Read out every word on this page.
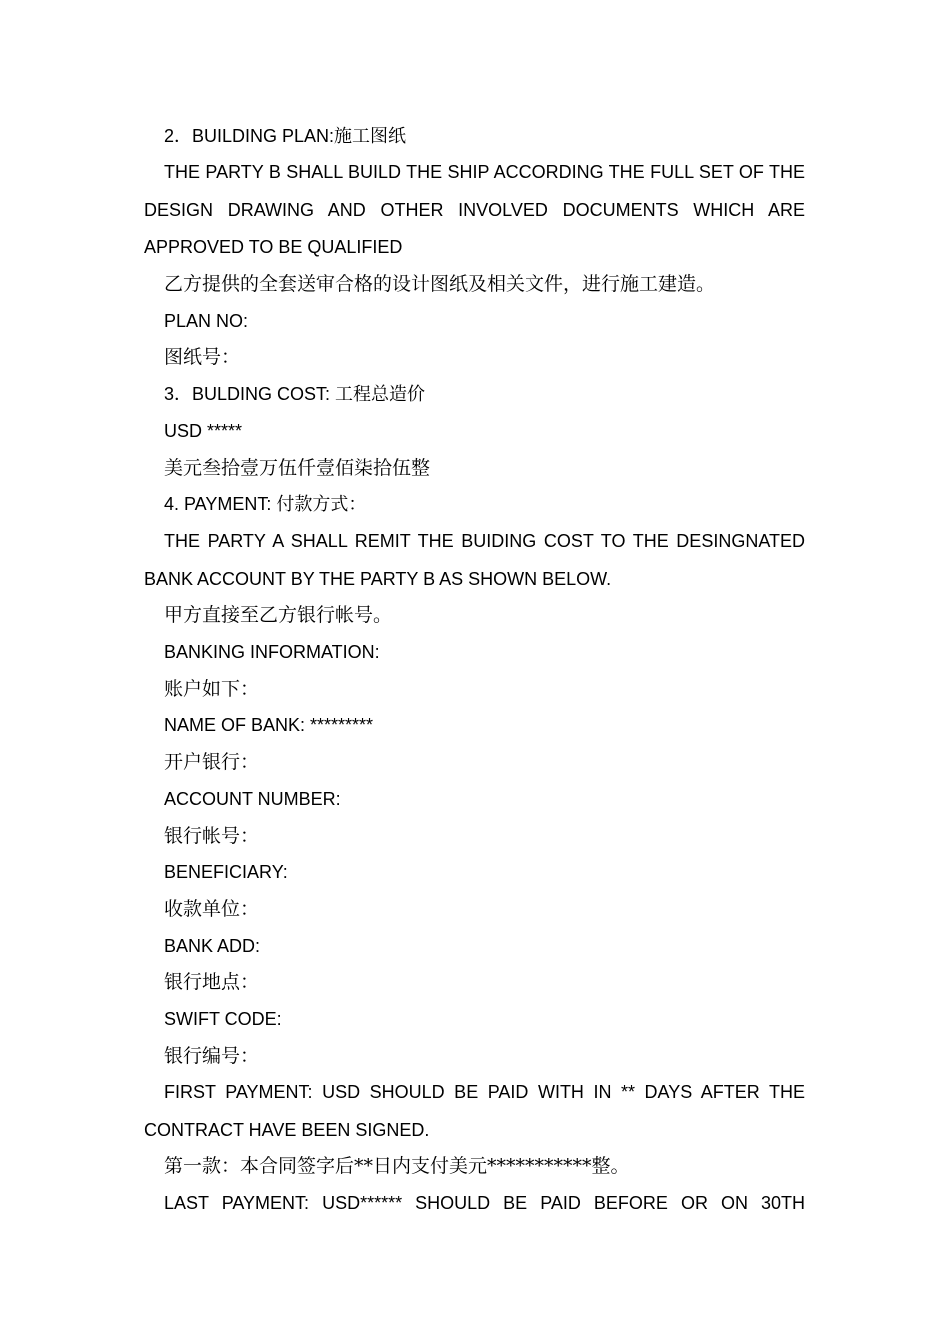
2．BUILDING PLAN:施工图纸
THE PARTY B SHALL BUILD THE SHIP ACCORDING THE FULL SET OF THE
DESIGN DRAWING AND OTHER INVOLVED DOCUMENTS WHICH ARE
APPROVED TO BE QUALIFIED
乙方提供的全套送审合格的设计图纸及相关文件，进行施工建造。
PLAN NO:
图纸号：
3．BULDING COST: 工程总造价
USD *****
美元叁拾壹万伍仟壹佰柒拾伍整
4. PAYMENT: 付款方式：
THE PARTY A SHALL REMIT THE BUIDING COST TO THE DESINGNATED
BANK ACCOUNT BY THE PARTY B AS SHOWN BELOW.
甲方直接至乙方银行帐号。
BANKING INFORMATION:
账户如下：
NAME OF BANK: *********
开户银行：
ACCOUNT NUMBER:
银行帐号：
BENEFICIARY:
收款单位：
BANK ADD:
银行地点：
SWIFT CODE:
银行编号：
FIRST PAYMENT: USD SHOULD BE PAID WITH IN ** DAYS AFTER THE
CONTRACT HAVE BEEN SIGNED.
第一款：本合同签字后**日内支付美元***********整。
LAST PAYMENT: USD****** SHOULD BE PAID BEFORE OR ON 30TH
